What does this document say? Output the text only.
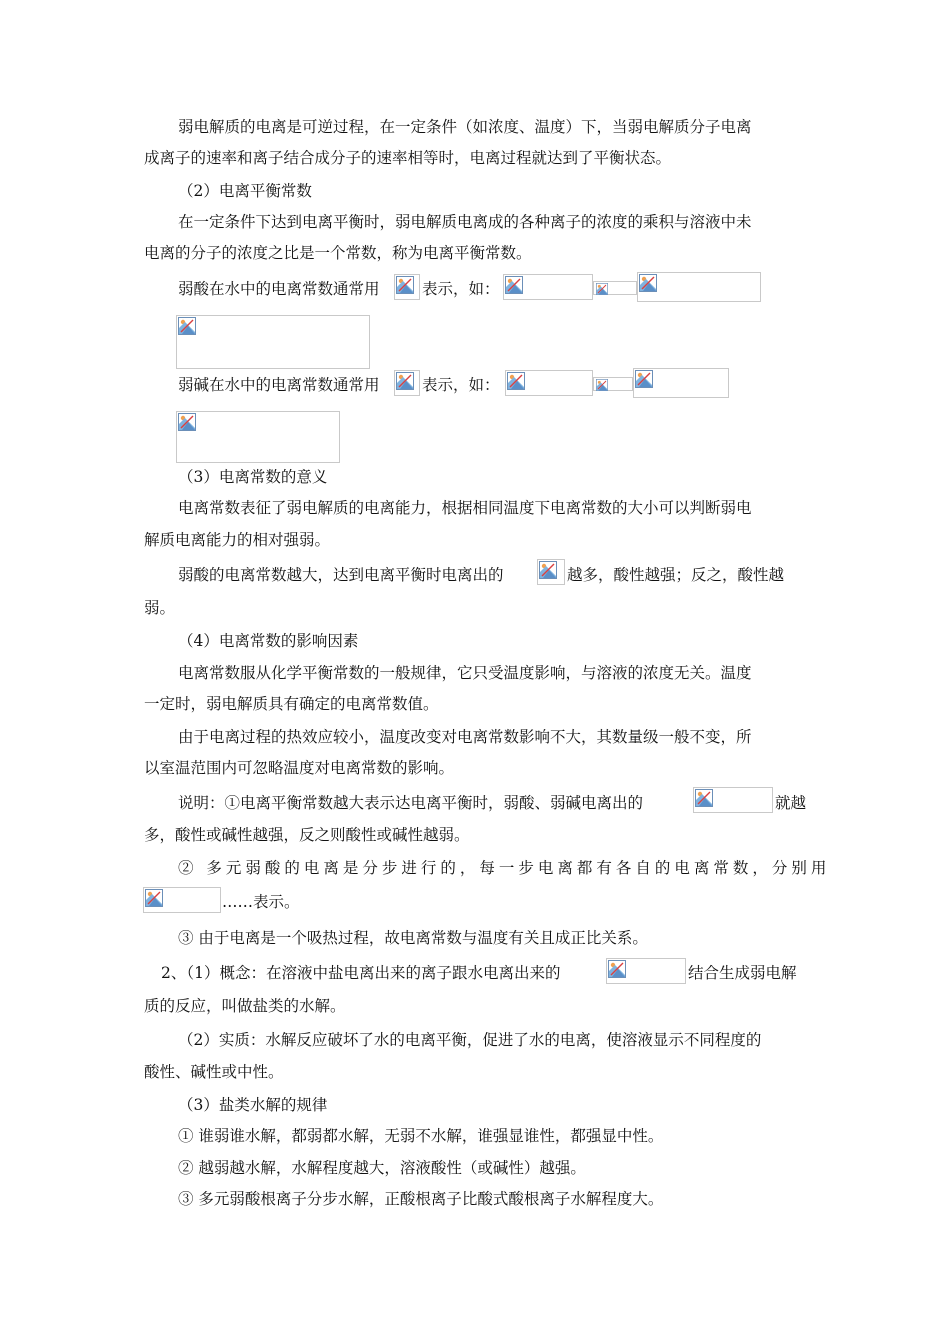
弱电解质的电离是可逆过程，在一定条件（如浓度、温度）下，当弱电解质分子电离
成离子的速率和离子结合成分子的速率相等时，电离过程就达到了平衡状态。
（2）电离平衡常数
在一定条件下达到电离平衡时，弱电解质电离成的各种离子的浓度的乘积与溶液中未
电离的分子的浓度之比是一个常数，称为电离平衡常数。
弱酸在水中的电离常数通常用	表示，如：
弱碱在水中的电离常数通常用	表示，如：
（3）电离常数的意义
电离常数表征了弱电解质的电离能力，根据相同温度下电离常数的大小可以判断弱电
解质电离能力的相对强弱。
弱酸的电离常数越大，达到电离平衡时电离出的	越多，酸性越强；反之，酸性越
弱。
（4）电离常数的影响因素
电离常数服从化学平衡常数的一般规律，它只受温度影响，与溶液的浓度无关。温度
一定时，弱电解质具有确定的电离常数值。
由于电离过程的热效应较小，温度改变对电离常数影响不大，其数量级一般不变，所
以室温范围内可忽略温度对电离常数的影响。
说明：①电离平衡常数越大表示达电离平衡时，弱酸、弱碱电离出的	就越
多，酸性或碱性越强，反之则酸性或碱性越弱。
② 多元弱酸的电离是分步进行的，每一步电离都有各自的电离常数，分别用
……表示。
③ 由于电离是一个吸热过程，故电离常数与温度有关且成正比关系。
2、（1）概念：在溶液中盐电离出来的离子跟水电离出来的	结合生成弱电解
质的反应，叫做盐类的水解。
（2）实质：水解反应破坏了水的电离平衡，促进了水的电离，使溶液显示不同程度的
酸性、碱性或中性。
（3）盐类水解的规律
① 谁弱谁水解，都弱都水解，无弱不水解，谁强显谁性，都强显中性。
② 越弱越水解，水解程度越大，溶液酸性（或碱性）越强。
③ 多元弱酸根离子分步水解，正酸根离子比酸式酸根离子水解程度大。
